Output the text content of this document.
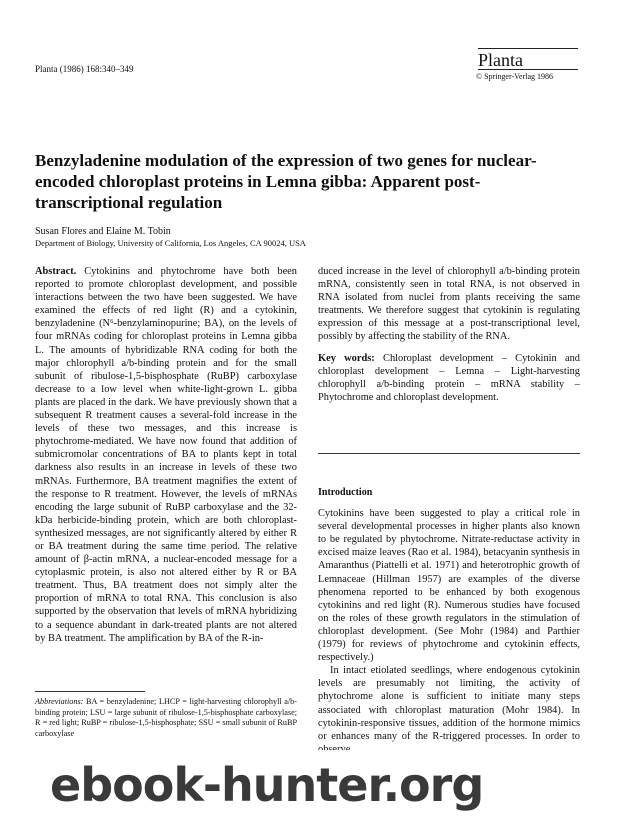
Planta (1986) 168:340–349	Planta
© Springer-Verlag 1986
Benzyladenine modulation of the expression of two genes for nuclear-encoded chloroplast proteins in Lemna gibba: Apparent post-transcriptional regulation
Susan Flores and Elaine M. Tobin
Department of Biology, University of California, Los Angeles, CA 90024, USA

Abstract. Cytokinins and phytochrome have both been reported to promote chloroplast development, and possible interactions between the two have been suggested. We have examined the effects of red light (R) and a cytokinin, benzyladenine (N⁶-benzylaminopurine; BA), on the levels of four mRNAs coding for chloroplast proteins in Lemna gibba L. The amounts of hybridizable RNA coding for both the major chlorophyll a/b-binding protein and for the small subunit of ribulose-1,5-bisphosphate (RuBP) carboxylase decrease to a low level when white-light-grown L. gibba plants are placed in the dark. We have previously shown that a subsequent R treatment causes a several-fold increase in the levels of these two messages, and this increase is phytochrome-mediated. We have now found that addition of submicromolar concentrations of BA to plants kept in total darkness also results in an increase in levels of these two mRNAs. Furthermore, BA treatment magnifies the extent of the response to R treatment. However, the levels of mRNAs encoding the large subunit of RuBP carboxylase and the 32-kDa herbicide-binding protein, which are both chloroplast-synthesized messages, are not significantly altered by either R or BA treatment during the same time period. The relative amount of β-actin mRNA, a nuclear-encoded message for a cytoplasmic protein, is also not altered either by R or BA treatment. Thus, BA treatment does not simply alter the proportion of mRNA to total RNA. This conclusion is also supported by the observation that levels of mRNA hybridizing to a sequence abundant in dark-treated plants are not altered by BA treatment. The amplification by BA of the R-in-

duced increase in the level of chlorophyll a/b-binding protein mRNA, consistently seen in total RNA, is not observed in RNA isolated from nuclei from plants receiving the same treatments. We therefore suggest that cytokinin is regulating expression of this message at a post-transcriptional level, possibly by affecting the stability of the RNA.

Key words: Chloroplast development – Cytokinin and chloroplast development – Lemna – Light-harvesting chlorophyll a/b-binding protein – mRNA stability – Phytochrome and chloroplast development.

Introduction

Cytokinins have been suggested to play a critical role in several developmental processes in higher plants also known to be regulated by phytochrome. Nitrate-reductase activity in excised maize leaves (Rao et al. 1984), betacyanin synthesis in Amaranthus (Piattelli et al. 1971) and heterotrophic growth of Lemnaceae (Hillman 1957) are examples of the diverse phenomena reported to be enhanced by both exogenous cytokinins and red light (R). Numerous studies have focused on the roles of these growth regulators in the stimulation of chloroplast development. (See Mohr (1984) and Parthier (1979) for reviews of phytochrome and cytokinin effects, respectively.)

In intact etiolated seedlings, where endogenous cytokinin levels are presumably not limiting, the activity of phytochrome alone is sufficient to initiate many steps associated with chloroplast maturation (Mohr 1984). In cytokinin-responsive tissues, addition of the hormone mimics or enhances many of the R-triggered processes. In order to

Abbreviations: BA = benzyladenine; LHCP = light-harvesting chlorophyll a/b-binding protein; LSU = large subunit of ribulose-1,5-bisphosphate carboxylase; R = red light; RuBP = ribulose-1,5-bisphosphate; SSU = small subunit of RuBP carboxylase
ebook-hunter.org
